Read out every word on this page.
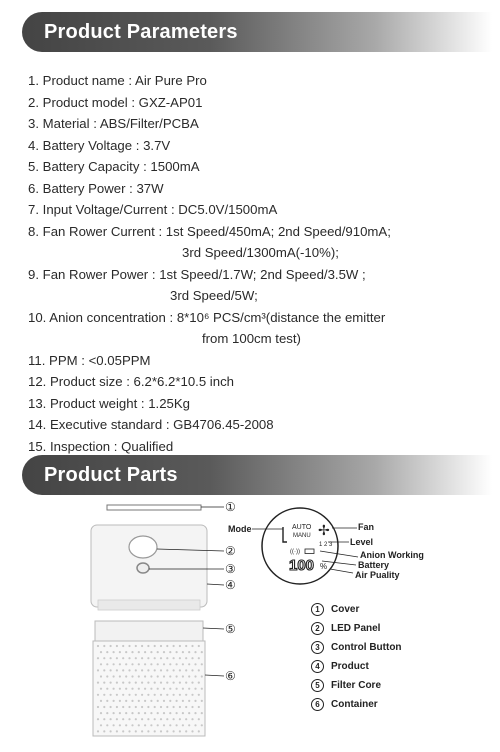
Product Parameters
1. Product name : Air Pure Pro
2. Product model : GXZ-AP01
3. Material : ABS/Filter/PCBA
4. Battery Voltage : 3.7V
5. Battery Capacity : 1500mA
6. Battery Power : 37W
7. Input Voltage/Current : DC5.0V/1500mA
8. Fan Rower Current : 1st Speed/450mA; 2nd Speed/910mA;
3rd Speed/1300mA(-10%);
9. Fan Rower Power : 1st Speed/1.7W; 2nd Speed/3.5W ;
3rd Speed/5W;
10. Anion concentration : 8*10⁶ PCS/cm³(distance the emitter
from 100cm test)
11. PPM : <0.05PPM
12. Product size : 6.2*6.2*10.5 inch
13. Product weight : 1.25Kg
14. Executive standard : GB4706.45-2008
15. Inspection : Qualified
Product Parts
AUTO
MANU ✢
1 2 3
((·))
100 %
Mode	Fan
Level
Anion Working
Battery
Air Puality
①
②
③
④
⑤
⑥
1	Cover
2	LED Panel
3	Control Button
4	Product
5	Filter Core
6	Container
